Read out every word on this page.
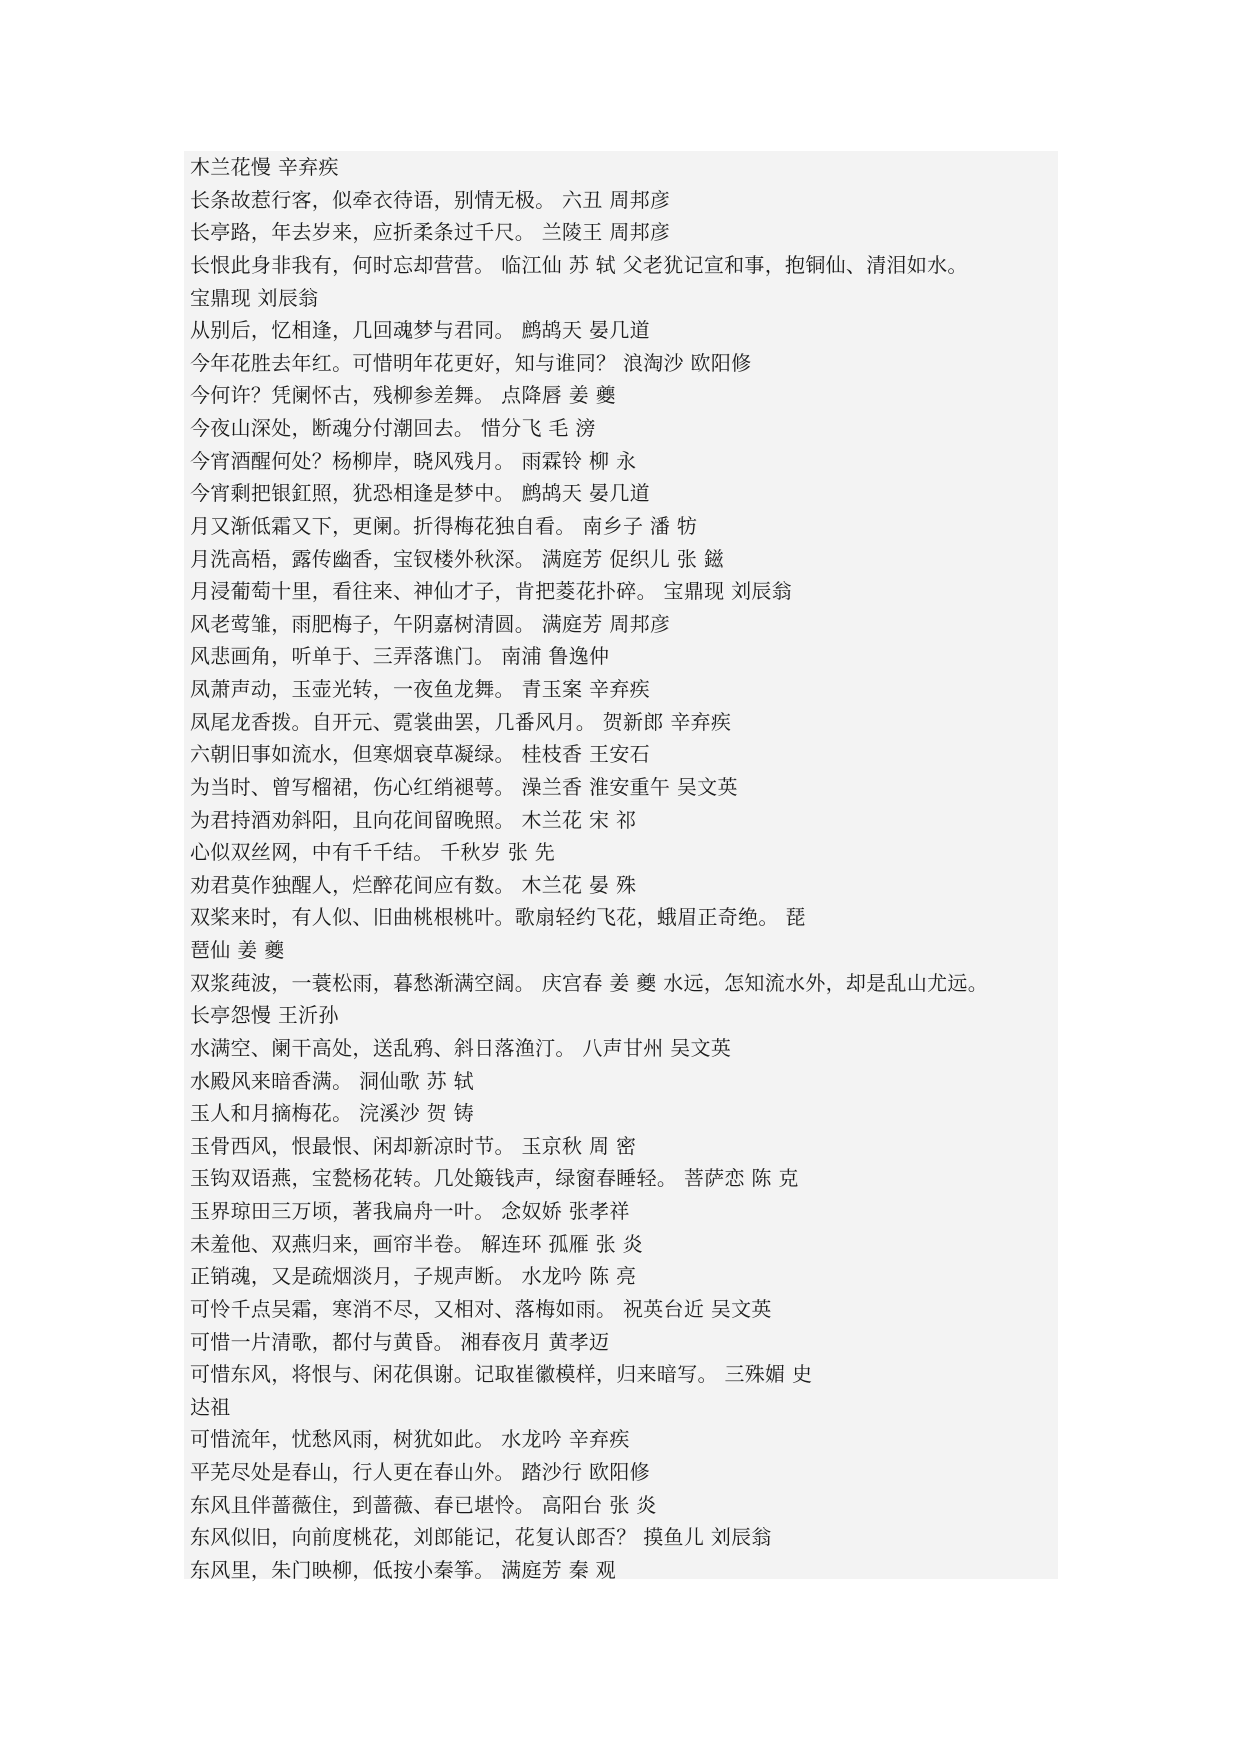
木兰花慢 辛弃疾
长条故惹行客，似牵衣待语，别情无极。 六丑 周邦彦
长亭路，年去岁来，应折柔条过千尺。 兰陵王 周邦彦
长恨此身非我有，何时忘却营营。 临江仙 苏 轼 父老犹记宣和事，抱铜仙、清泪如水。
宝鼎现 刘辰翁
从别后，忆相逢，几回魂梦与君同。 鹧鸪天 晏几道
今年花胜去年红。可惜明年花更好，知与谁同？ 浪淘沙 欧阳修
今何许？凭阑怀古，残柳参差舞。 点降唇 姜 夔
今夜山深处，断魂分付潮回去。 惜分飞 毛 滂
今宵酒醒何处？杨柳岸，晓风残月。 雨霖铃 柳 永
今宵剩把银釭照，犹恐相逢是梦中。 鹧鸪天 晏几道
月又渐低霜又下，更阑。折得梅花独自看。 南乡子 潘 牥
月洗高梧，露传幽香，宝钗楼外秋深。 满庭芳 促织儿 张 鎡
月浸葡萄十里，看往来、神仙才子，肯把菱花扑碎。 宝鼎现 刘辰翁
风老莺雏，雨肥梅子，午阴嘉树清圆。 满庭芳 周邦彦
风悲画角，听单于、三弄落谯门。 南浦 鲁逸仲
凤萧声动，玉壶光转，一夜鱼龙舞。 青玉案 辛弃疾
凤尾龙香拨。自开元、霓裳曲罢，几番风月。 贺新郎 辛弃疾
六朝旧事如流水，但寒烟衰草凝绿。 桂枝香 王安石
为当时、曾写榴裙，伤心红绡褪萼。 澡兰香 淮安重午 吴文英
为君持酒劝斜阳，且向花间留晚照。 木兰花 宋 祁
心似双丝网，中有千千结。 千秋岁 张 先
劝君莫作独醒人，烂醉花间应有数。 木兰花 晏 殊
双桨来时，有人似、旧曲桃根桃叶。歌扇轻约飞花，蛾眉正奇绝。 琵
琶仙 姜 夔
双浆莼波，一蓑松雨，暮愁渐满空阔。 庆宫春 姜 夔 水远，怎知流水外，却是乱山尤远。
长亭怨慢 王沂孙
水满空、阑干高处，送乱鸦、斜日落渔汀。 八声甘州 吴文英
水殿风来暗香满。 洞仙歌 苏 轼
玉人和月摘梅花。 浣溪沙 贺 铸
玉骨西风，恨最恨、闲却新凉时节。 玉京秋 周 密
玉钩双语燕，宝甃杨花转。几处簸钱声，绿窗春睡轻。 菩萨恋 陈 克
玉界琼田三万顷，著我扁舟一叶。 念奴娇 张孝祥
未羞他、双燕归来，画帘半卷。 解连环 孤雁 张 炎
正销魂，又是疏烟淡月，子规声断。 水龙吟 陈 亮
可怜千点吴霜，寒消不尽，又相对、落梅如雨。 祝英台近 吴文英
可惜一片清歌，都付与黄昏。 湘春夜月 黄孝迈
可惜东风，将恨与、闲花俱谢。记取崔徽模样，归来暗写。 三殊媚 史
达祖
可惜流年，忧愁风雨，树犹如此。 水龙吟 辛弃疾
平芜尽处是春山，行人更在春山外。 踏沙行 欧阳修
东风且伴蔷薇住，到蔷薇、春已堪怜。 高阳台 张 炎
东风似旧，向前度桃花，刘郎能记，花复认郎否？ 摸鱼儿 刘辰翁
东风里，朱门映柳，低按小秦筝。 满庭芳 秦 观
